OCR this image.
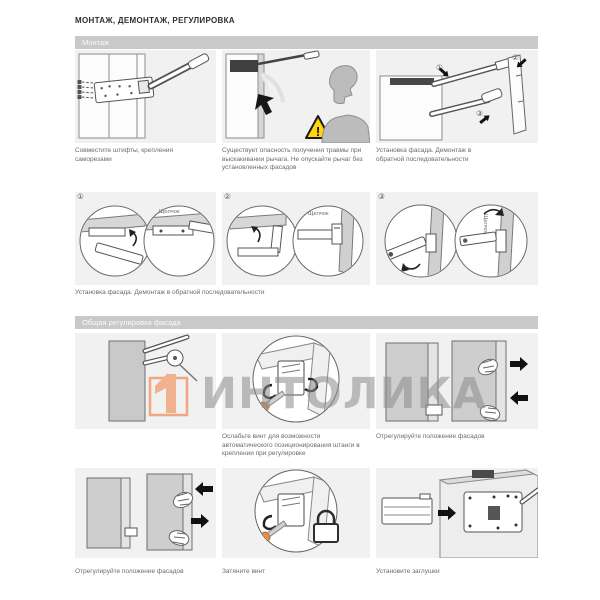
МОНТАЖ, ДЕМОНТАЖ, РЕГУЛИРОВКА
Монтаж
!
①
②
③
Совместите штифты, крепления саморезами
Существует опасность получения травмы при выскакивании рычага. Не опускайте рычаг без установленных фасадов
Установка фасада. Демонтаж в обратной последовательности
①
Щелчок
②
Щелчок
③
Щелчок
Установка фасада. Демонтаж в обратной последовательности
Общая регулировка фасада
Ослабьте винт для возможности автоматического позиционирования штанги в креплении при регулировке
Отрегулируйте положение фасадов
ИНТОЛИКА
Отрегулируйте положение фасадов	Затяните винт	Установите заглушки
